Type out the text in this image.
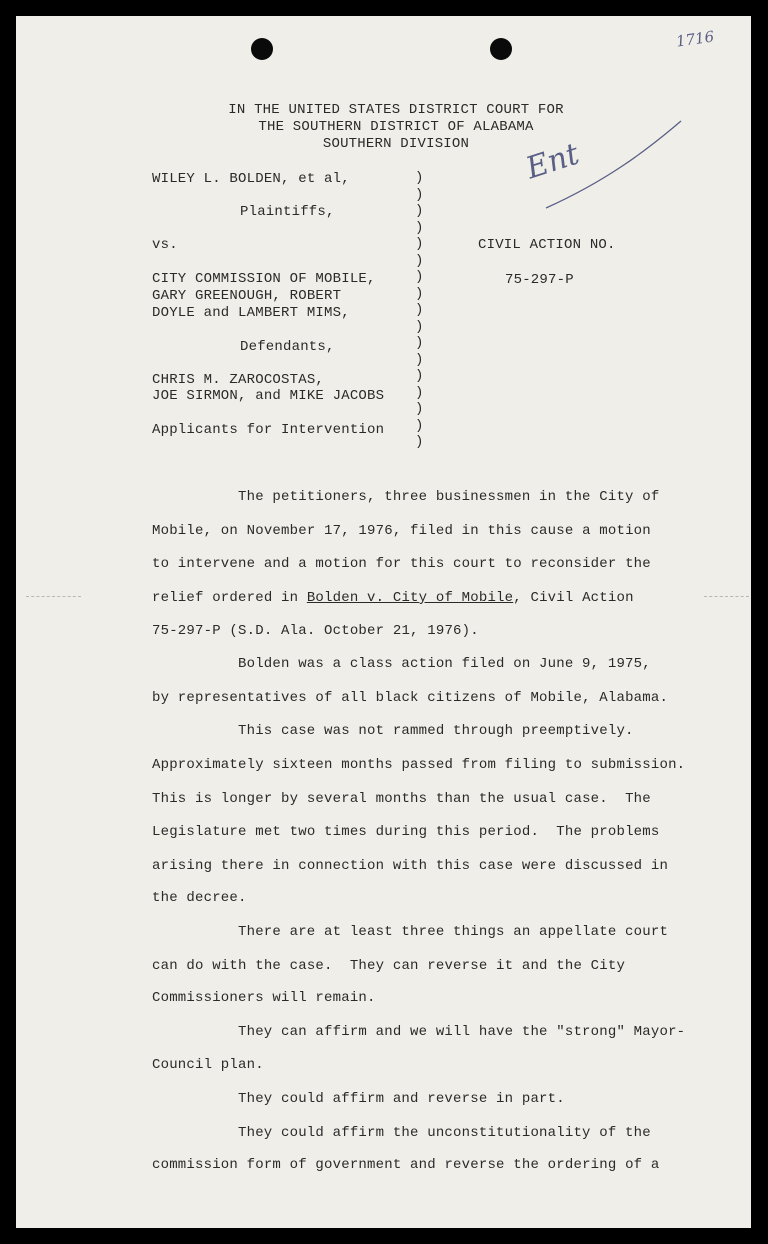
1716
Ent
IN THE UNITED STATES DISTRICT COURT FOR
THE SOUTHERN DISTRICT OF ALABAMA
SOUTHERN DIVISION
WILEY L. BOLDEN, et al,
Plaintiffs,
vs.
CITY COMMISSION OF MOBILE,
GARY GREENOUGH, ROBERT
DOYLE and LAMBERT MIMS,
Defendants,
CHRIS M. ZAROCOSTAS,
JOE SIRMON, and MIKE JACOBS
Applicants for Intervention
)
)
)
)
)
)
)
)
)
)
)
)
)
)
)
)
)
CIVIL ACTION NO.
75-297-P
The petitioners, three businessmen in the City of
Mobile, on November 17, 1976, filed in this cause a motion
to intervene and a motion for this court to reconsider the
relief ordered in Bolden v. City of Mobile, Civil Action
75-297-P (S.D. Ala. October 21, 1976).
Bolden was a class action filed on June 9, 1975,
by representatives of all black citizens of Mobile, Alabama.
This case was not rammed through preemptively.
Approximately sixteen months passed from filing to submission.
This is longer by several months than the usual case.  The
Legislature met two times during this period.  The problems
arising there in connection with this case were discussed in
the decree.
There are at least three things an appellate court
can do with the case.  They can reverse it and the City
Commissioners will remain.
They can affirm and we will have the "strong" Mayor-
Council plan.
They could affirm and reverse in part.
They could affirm the unconstitutionality of the
commission form of government and reverse the ordering of a
